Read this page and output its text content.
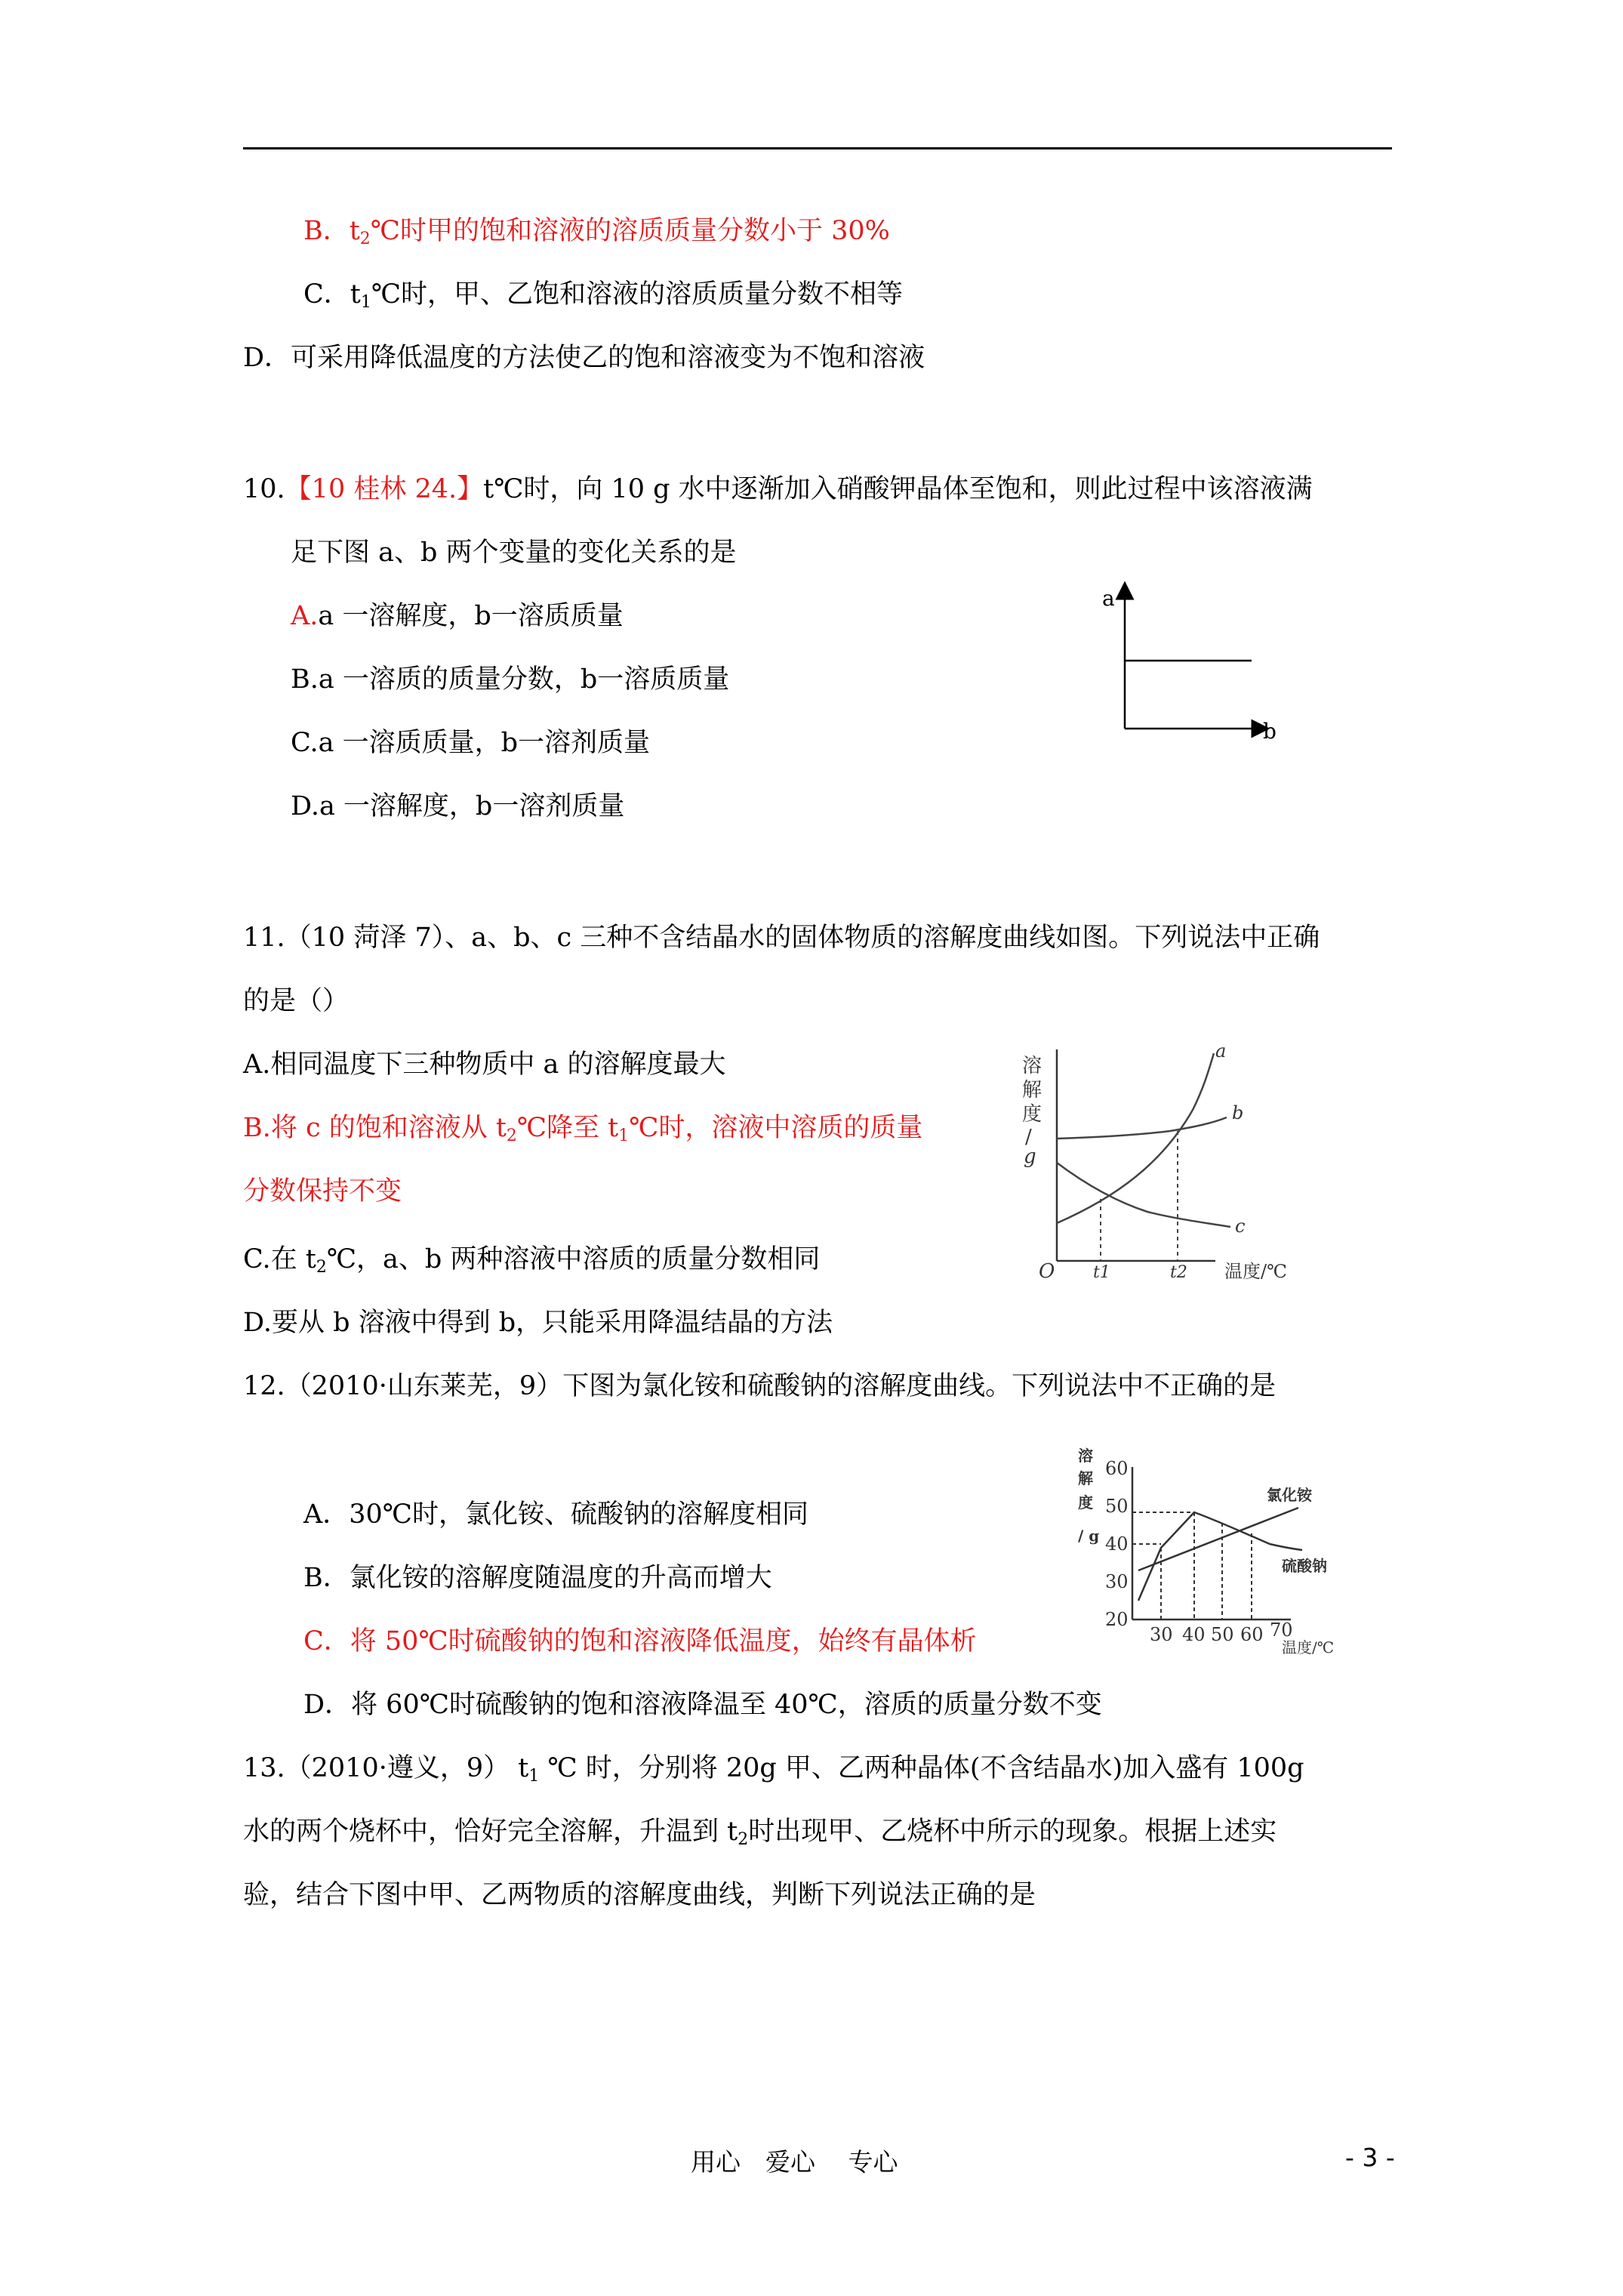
B．$t_2℃$时甲的饱和溶液的溶质质量分数小于 30%
C．$t_1℃$时，甲、乙饱和溶液的溶质质量分数不相等
D．可采用降低温度的方法使乙的饱和溶液变为不饱和溶液
10.【10 桂林 24.】t℃时，向 10 g 水中逐渐加入硝酸钾晶体至饱和，则此过程中该溶液满
足下图 a、b 两个变量的变化关系的是
A.a 一溶解度，b一溶质质量
B.a 一溶质的质量分数，b一溶质质量
C.a 一溶质质量，b一溶剂质量
D.a 一溶解度，b一溶剂质量
a
b
11.（10 菏泽 7）、a、b、c 三种不含结晶水的固体物质的溶解度曲线如图。下列说法中正确
的是（）
A.相同温度下三种物质中 a 的溶解度最大
B.将 c 的饱和溶液从 $t_2℃$降至 $t_1℃$时，溶液中溶质的质量
分数保持不变
C.在 $t_2℃$，a、b 两种溶液中溶质的质量分数相同
D.要从 b 溶液中得到 b，只能采用降温结晶的方法
溶
解
度
/
g
a
b
c
O t1	t2 温度/℃
12.（2010·山东莱芜，9）下图为氯化铵和硫酸钠的溶解度曲线。下列说法中不正确的是
A．30℃时，氯化铵、硫酸钠的溶解度相同
B．氯化铵的溶解度随温度的升高而增大
C．将 50℃时硫酸钠的饱和溶液降低温度，始终有晶体析
D．将 60℃时硫酸钠的饱和溶液降温至 40℃，溶质的质量分数不变
溶
解
度
/ g
60
50
40
30
20
30 40 50 60 70
温度/℃
氯化铵
硫酸钠
13.（2010·遵义，9） $t_1$ ℃ 时，分别将 20g 甲、乙两种晶体(不含结晶水)加入盛有 100g
水的两个烧杯中，恰好完全溶解，升温到 $t_2$时出现甲、乙烧杯中所示的现象。根据上述实
验，结合下图中甲、乙两物质的溶解度曲线，判断下列说法正确的是
用心　爱心　 专心	- 3 -
